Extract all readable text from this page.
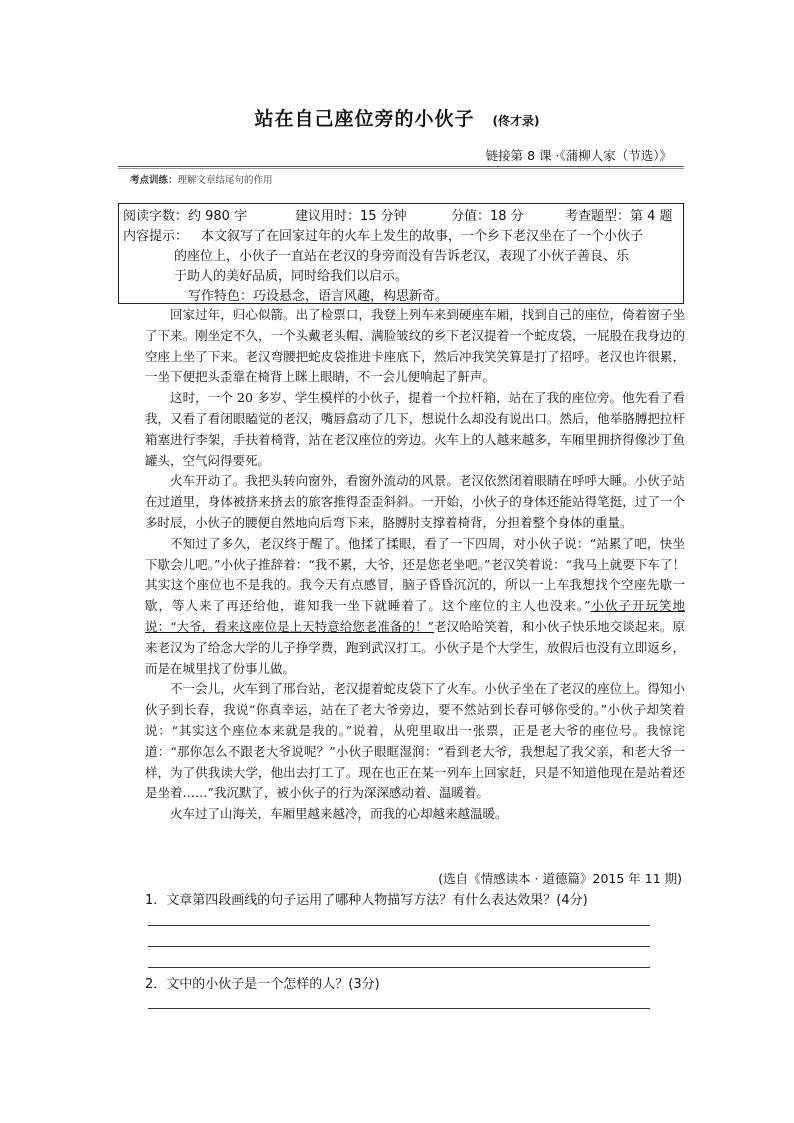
站在自己座位旁的小伙子 (佟才录)
链接第 8 课 ·《蒲柳人家（节选）》
考点训练：理解文章结尾句的作用
阅读字数：约 980 字	建议用时：15 分钟	分值：18 分	考查题型：第 4 题
内容提示： 本文叙写了在回家过年的火车上发生的故事，一个乡下老汉坐在了一个小伙子
的座位上，小伙子一直站在老汉的身旁而没有告诉老汉，表现了小伙子善良、乐
于助人的美好品质，同时给我们以启示。
写作特色：巧设悬念，语言风趣，构思新奇。

回家过年，归心似箭。出了检票口，我登上列车来到硬座车厢，找到自己的座位，倚着窗子坐了下来。刚坐定不久，一个头戴老头帽、满脸皱纹的乡下老汉提着一个蛇皮袋，一屁股在我身边的空座上坐了下来。老汉弯腰把蛇皮袋推进卡座底下，然后冲我笑笑算是打了招呼。老汉也许很累，一坐下便把头歪靠在椅背上眯上眼睛，不一会儿便响起了鼾声。

这时，一个 20 多岁、学生模样的小伙子，提着一个拉杆箱，站在了我的座位旁。他先看了看我，又看了看闭眼瞌觉的老汉，嘴唇翕动了几下，想说什么却没有说出口。然后，他举胳膊把拉杆箱塞进行李架，手扶着椅背，站在老汉座位的旁边。火车上的人越来越多，车厢里拥挤得像沙丁鱼罐头，空气闷得要死。

火车开动了。我把头转向窗外，看窗外流动的风景。老汉依然闭着眼睛在呼呼大睡。小伙子站在过道里，身体被挤来挤去的旅客推得歪歪斜斜。一开始，小伙子的身体还能站得笔挺，过了一个多时辰，小伙子的腰便自然地向后弯下来，胳膊肘支撑着椅背，分担着整个身体的重量。

不知过了多久，老汉终于醒了。他揉了揉眼，看了一下四周，对小伙子说：“站累了吧，快坐下歇会儿吧。”小伙子推辞着：“我不累，大爷，还是您老坐吧。”老汉笑着说：“我马上就要下车了！其实这个座位也不是我的。我今天有点感冒，脑子昏昏沉沉的，所以一上车我想找个空座先歇一歇，等人来了再还给他，谁知我一坐下就睡着了。这个座位的主人也没来。”小伙子开玩笑地说：“大爷，看来这座位是上天特意给您老准备的！”老汉哈哈笑着，和小伙子快乐地交谈起来。原来老汉为了给念大学的儿子挣学费，跑到武汉打工。小伙子是个大学生，放假后也没有立即返乡，而是在城里找了份事儿做。

不一会儿，火车到了邢台站，老汉提着蛇皮袋下了火车。小伙子坐在了老汉的座位上。得知小伙子到长春，我说“你真幸运，站在了老大爷旁边，要不然站到长春可够你受的。”小伙子却笑着说：“其实这个座位本来就是我的。”说着，从兜里取出一张票，正是老大爷的座位号。我惊诧道：“那你怎么不跟老大爷说呢？”小伙子眼眶湿润：“看到老大爷，我想起了我父亲，和老大爷一样，为了供我读大学，他出去打工了。现在也正在某一列车上回家赶，只是不知道他现在是站着还是坐着……”我沉默了，被小伙子的行为深深感动着、温暖着。

火车过了山海关，车厢里越来越冷，而我的心却越来越温暖。

(选自《情感读本 · 道德篇》2015 年 11 期)
1．文章第四段画线的句子运用了哪种人物描写方法？有什么表达效果？(4分)
2．文中的小伙子是一个怎样的人？(3分)
